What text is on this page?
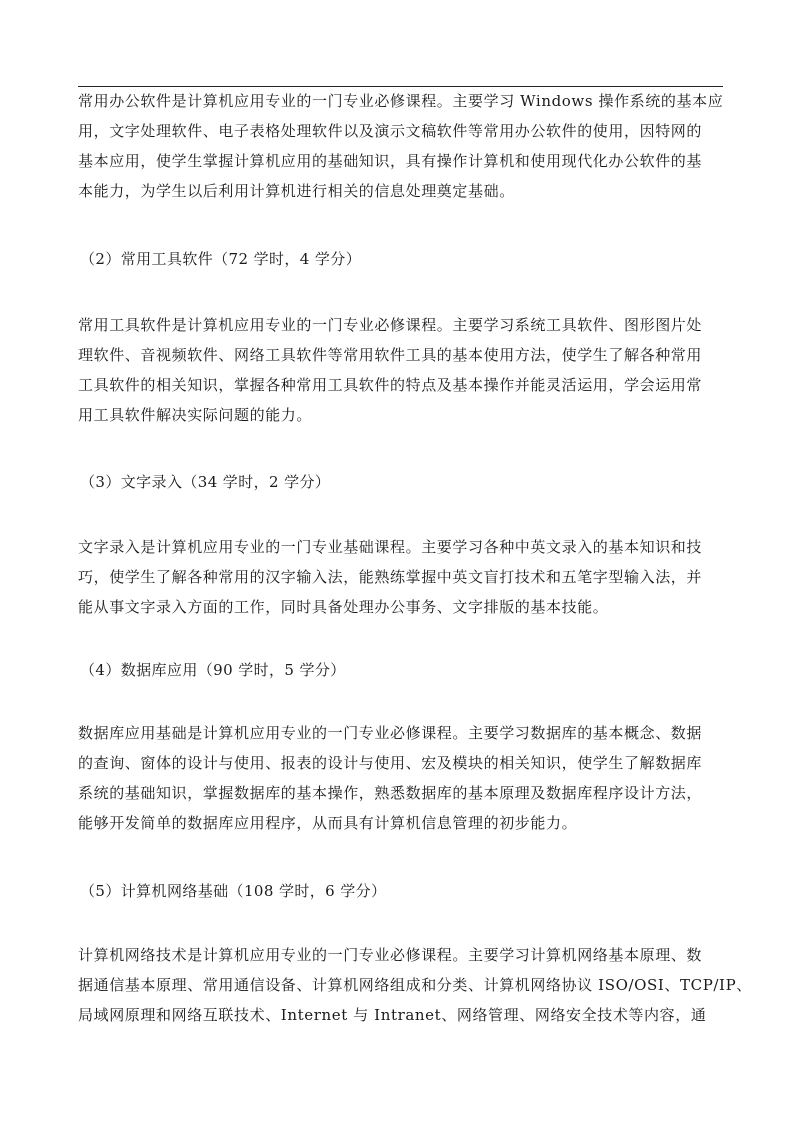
常用办公软件是计算机应用专业的一门专业必修课程。主要学习 Windows 操作系统的基本应
用，文字处理软件、电子表格处理软件以及演示文稿软件等常用办公软件的使用，因特网的
基本应用，使学生掌握计算机应用的基础知识，具有操作计算机和使用现代化办公软件的基
本能力，为学生以后利用计算机进行相关的信息处理奠定基础。
（2）常用工具软件（72 学时，4 学分）
常用工具软件是计算机应用专业的一门专业必修课程。主要学习系统工具软件、图形图片处
理软件、音视频软件、网络工具软件等常用软件工具的基本使用方法，使学生了解各种常用
工具软件的相关知识，掌握各种常用工具软件的特点及基本操作并能灵活运用，学会运用常
用工具软件解决实际问题的能力。
（3）文字录入（34 学时，2 学分）
文字录入是计算机应用专业的一门专业基础课程。主要学习各种中英文录入的基本知识和技
巧，使学生了解各种常用的汉字输入法，能熟练掌握中英文盲打技术和五笔字型输入法，并
能从事文字录入方面的工作，同时具备处理办公事务、文字排版的基本技能。
（4）数据库应用（90 学时，5 学分）
数据库应用基础是计算机应用专业的一门专业必修课程。主要学习数据库的基本概念、数据
的查询、窗体的设计与使用、报表的设计与使用、宏及模块的相关知识，使学生了解数据库
系统的基础知识，掌握数据库的基本操作，熟悉数据库的基本原理及数据库程序设计方法，
能够开发简单的数据库应用程序，从而具有计算机信息管理的初步能力。
（5）计算机网络基础（108 学时，6 学分）
计算机网络技术是计算机应用专业的一门专业必修课程。主要学习计算机网络基本原理、数
据通信基本原理、常用通信设备、计算机网络组成和分类、计算机网络协议 ISO/OSI、TCP/IP、
局域网原理和网络互联技术、Internet 与 Intranet、网络管理、网络安全技术等内容，通
